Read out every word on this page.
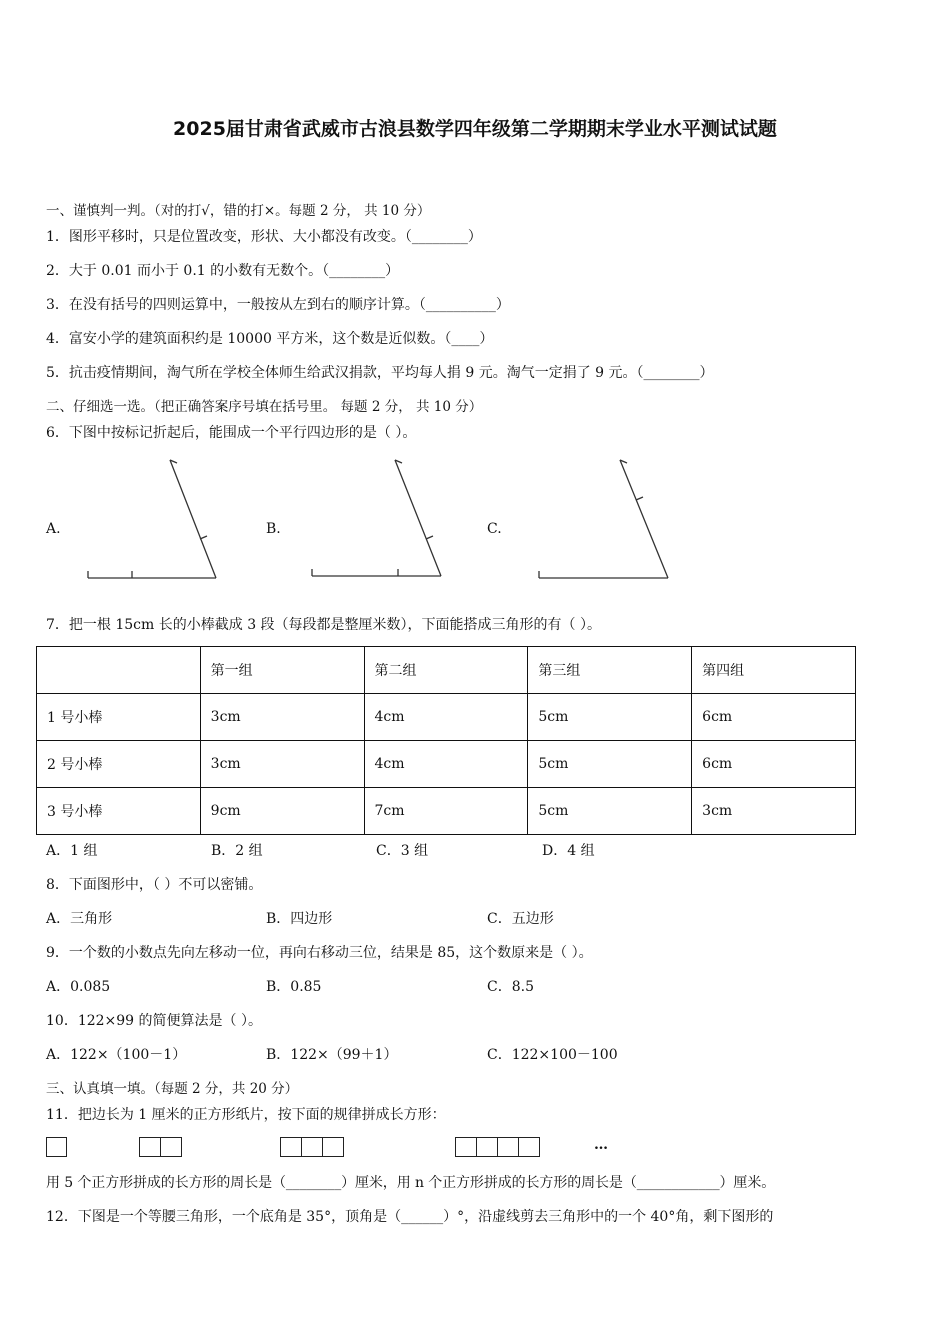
2025届甘肃省武威市古浪县数学四年级第二学期期末学业水平测试试题
一、谨慎判一判。（对的打√，错的打×。每题 2 分， 共 10 分）
1．图形平移时，只是位置改变，形状、大小都没有改变。（________）
2．大于 0.01 而小于 0.1 的小数有无数个。（________）
3．在没有括号的四则运算中，一般按从左到右的顺序计算。（__________）
4．富安小学的建筑面积约是 10000 平方米，这个数是近似数。（____）
5．抗击疫情期间，淘气所在学校全体师生给武汉捐款，平均每人捐 9 元。淘气一定捐了 9 元。（________）
二、仔细选一选。（把正确答案序号填在括号里。 每题 2 分， 共 10 分）
6．下图中按标记折起后，能围成一个平行四边形的是（ ）。
A.	B.	C.
7．把一根 15cm 长的小棒截成 3 段（每段都是整厘米数），下面能搭成三角形的有（ ）。
	第一组	第二组	第三组	第四组
1 号小棒	3cm	4cm	5cm	6cm
2 号小棒	3cm	4cm	5cm	6cm
3 号小棒	9cm	7cm	5cm	3cm
A．1 组	B．2 组	C．3 组	D．4 组
8．下面图形中，（ ）不可以密铺。
A．三角形	B．四边形	C．五边形
9．一个数的小数点先向左移动一位，再向右移动三位，结果是 85，这个数原来是（ ）。
A．0.085	B．0.85	C．8.5
10．122×99 的简便算法是（ ）。
A．122×（100－1）	B．122×（99＋1）	C．122×100－100
三、认真填一填。（每题 2 分，共 20 分）
11．把边长为 1 厘米的正方形纸片，按下面的规律拼成长方形：
…
用 5 个正方形拼成的长方形的周长是（________）厘米，用 n 个正方形拼成的长方形的周长是（____________）厘米。
12．下图是一个等腰三角形，一个底角是 35°，顶角是（______）°，沿虚线剪去三角形中的一个 40°角，剩下图形的
